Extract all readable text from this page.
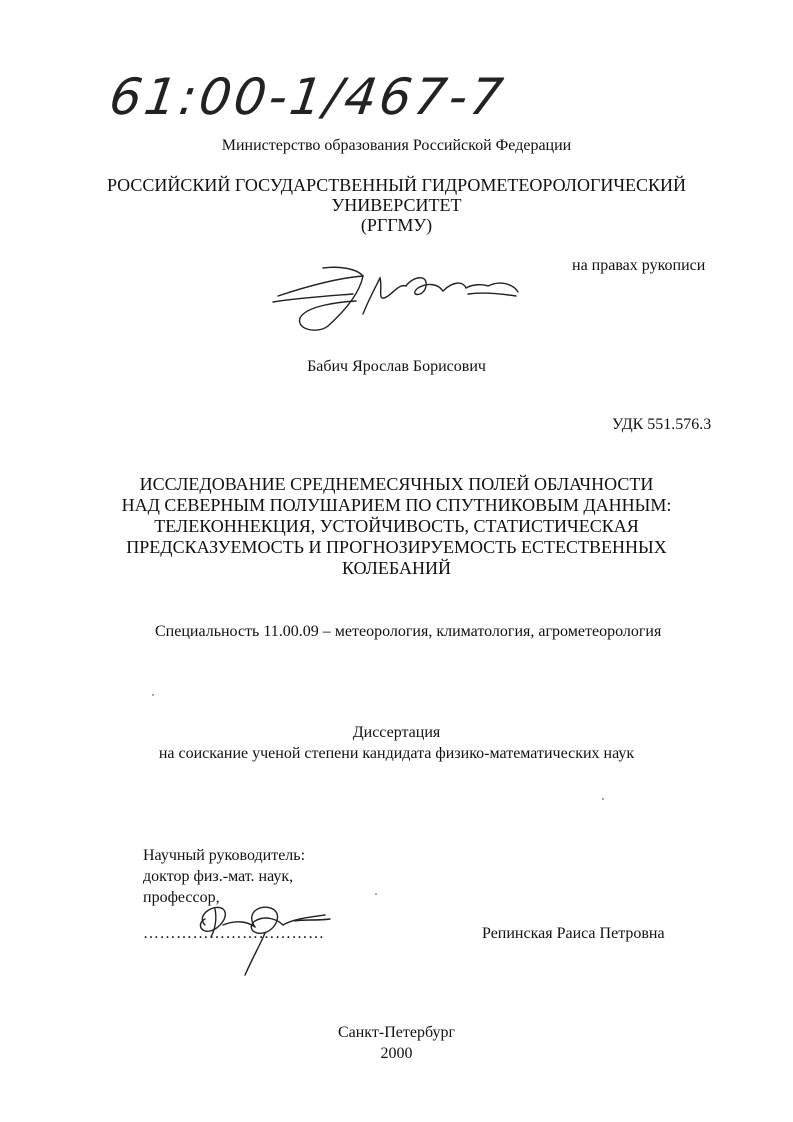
61:00-1/467-7
Министерство образования Российской Федерации
РОССИЙСКИЙ ГОСУДАРСТВЕННЫЙ ГИДРОМЕТЕОРОЛОГИЧЕСКИЙ
УНИВЕРСИТЕТ
(РГГМУ)
на правах рукописи
Бабич Ярослав Борисович
УДК 551.576.3
ИССЛЕДОВАНИЕ СРЕДНЕМЕСЯЧНЫХ ПОЛЕЙ ОБЛАЧНОСТИ
НАД СЕВЕРНЫМ ПОЛУШАРИЕМ ПО СПУТНИКОВЫМ ДАННЫМ:
ТЕЛЕКОННЕКЦИЯ, УСТОЙЧИВОСТЬ, СТАТИСТИЧЕСКАЯ
ПРЕДСКАЗУЕМОСТЬ И ПРОГНОЗИРУЕМОСТЬ ЕСТЕСТВЕННЫХ
КОЛЕБАНИЙ
Специальность 11.00.09 – метеорология, климатология, агрометеорология
Диссертация
на соискание ученой степени кандидата физико-математических наук
Научный руководитель:
доктор физ.-мат. наук,
профессор,
……………………………	Репинская Раиса Петровна
Санкт-Петербург
2000
